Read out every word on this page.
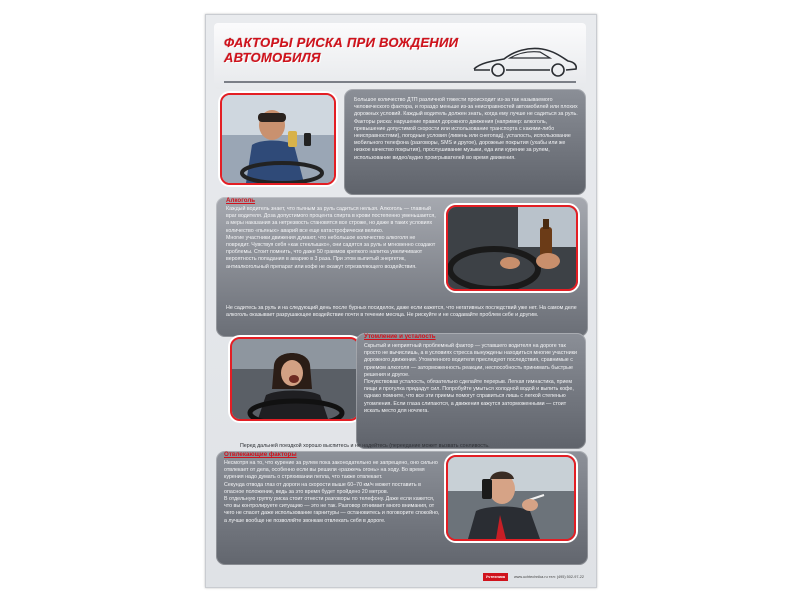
ФАКТОРЫ РИСКА ПРИ ВОЖДЕНИИ АВТОМОБИЛЯ

Большое количество ДТП различной тяжести происходит из-за так называемого человеческого фактора, и гораздо меньше из-за неисправностей автомобилей или плохих дорожных условий. Каждый водитель должен знать, когда ему лучше не садиться за руль.

Факторы риска: нарушение правил дорожного движения (например: алкоголь, превышение допустимой скорости или использование транспорта с какими-либо неисправностями), погодные условия (ливень или снегопад), усталость, использование мобильного телефона (разговоры, SMS и другое), дорожные покрытия (ухабы или же низкое качество покрытия), прослушивание музыки, еда или курение за рулем, использование видео/аудио проигрывателей во время движения.

Алкоголь

Каждый водитель знает, что пьяным за руль садиться нельзя. Алкоголь — главный враг водителя. Доза допустимого процента спирта в крови постепенно уменьшается, а меры наказания за нетрезвость становятся все строже, но даже в таких условиях количество «пьяных» аварий все еще катастрофически велико.

Многие участники движения думают, что небольшое количество алкоголя не повредит. Чувствуя себя «как стеклышко», они садятся за руль и мгновенно создают проблемы. Стоит помнить, что даже 50 граммов крепкого напитка увеличивают вероятность попадания в аварию в 3 раза. При этом выпитый энергетик, антиалкогольный препарат или кофе не окажут отрезвляющего воздействия.

Не садитесь за руль и на следующий день после бурных посиделок, даже если кажется, что негативных последствий уже нет. На самом деле алкоголь оказывает разрушающее воздействие почти в течение месяца. Не рискуйте и не создавайте проблем себе и другим.

Утомление и усталость

Скрытый и неприятный проблемный фактор — уставшего водителя на дороге так просто не вычислишь, а в условиях стресса вынуждены находиться многие участники дорожного движения. Утомленного водителя преследуют последствия, сравнимые с приемом алкоголя — заторможенность реакции, неспособность принимать быстрые решения и другое.

Почувствовав усталость, обязательно сделайте перерыв. Легкая гимнастика, прием пищи и прогулка придадут сил. Попробуйте умыться холодной водой и выпить кофе, однако помните, что все эти приемы помогут справиться лишь с легкой степенью утомления. Если глаза слипаются, а движения кажутся заторможенными — стоит искать место для ночлега.

Перед дальней поездкой хорошо выспитесь и не надейтесь (переедание может вызвать сонливость.

Отвлекающие факторы

Несмотря на то, что курение за рулем пока законодательно не запрещено, оно сильно отвлекает от дела, особенно если вы решили «разжечь огонь» на ходу. Во время курения надо думать о стряхивании пепла, что также отвлекает.

Секунда отвода глаз от дороги на скорости выше 60–70 км/ч может поставить в опасное положение, ведь за это время будет пройдено 20 метров.

В отдельную группу риска стоит отнести разговоры по телефону. Даже если кажется, что вы контролируете ситуацию — это не так. Разговор отнимает много внимания, от чего не спасет даже использование гарнитуры — остановитесь и поговорите спокойно, а лучше вообще не позволяйте звонкам отвлекать себя в дороге.

Учтехника	www.uchtechnika.ru тел: (495) 502-97-22
